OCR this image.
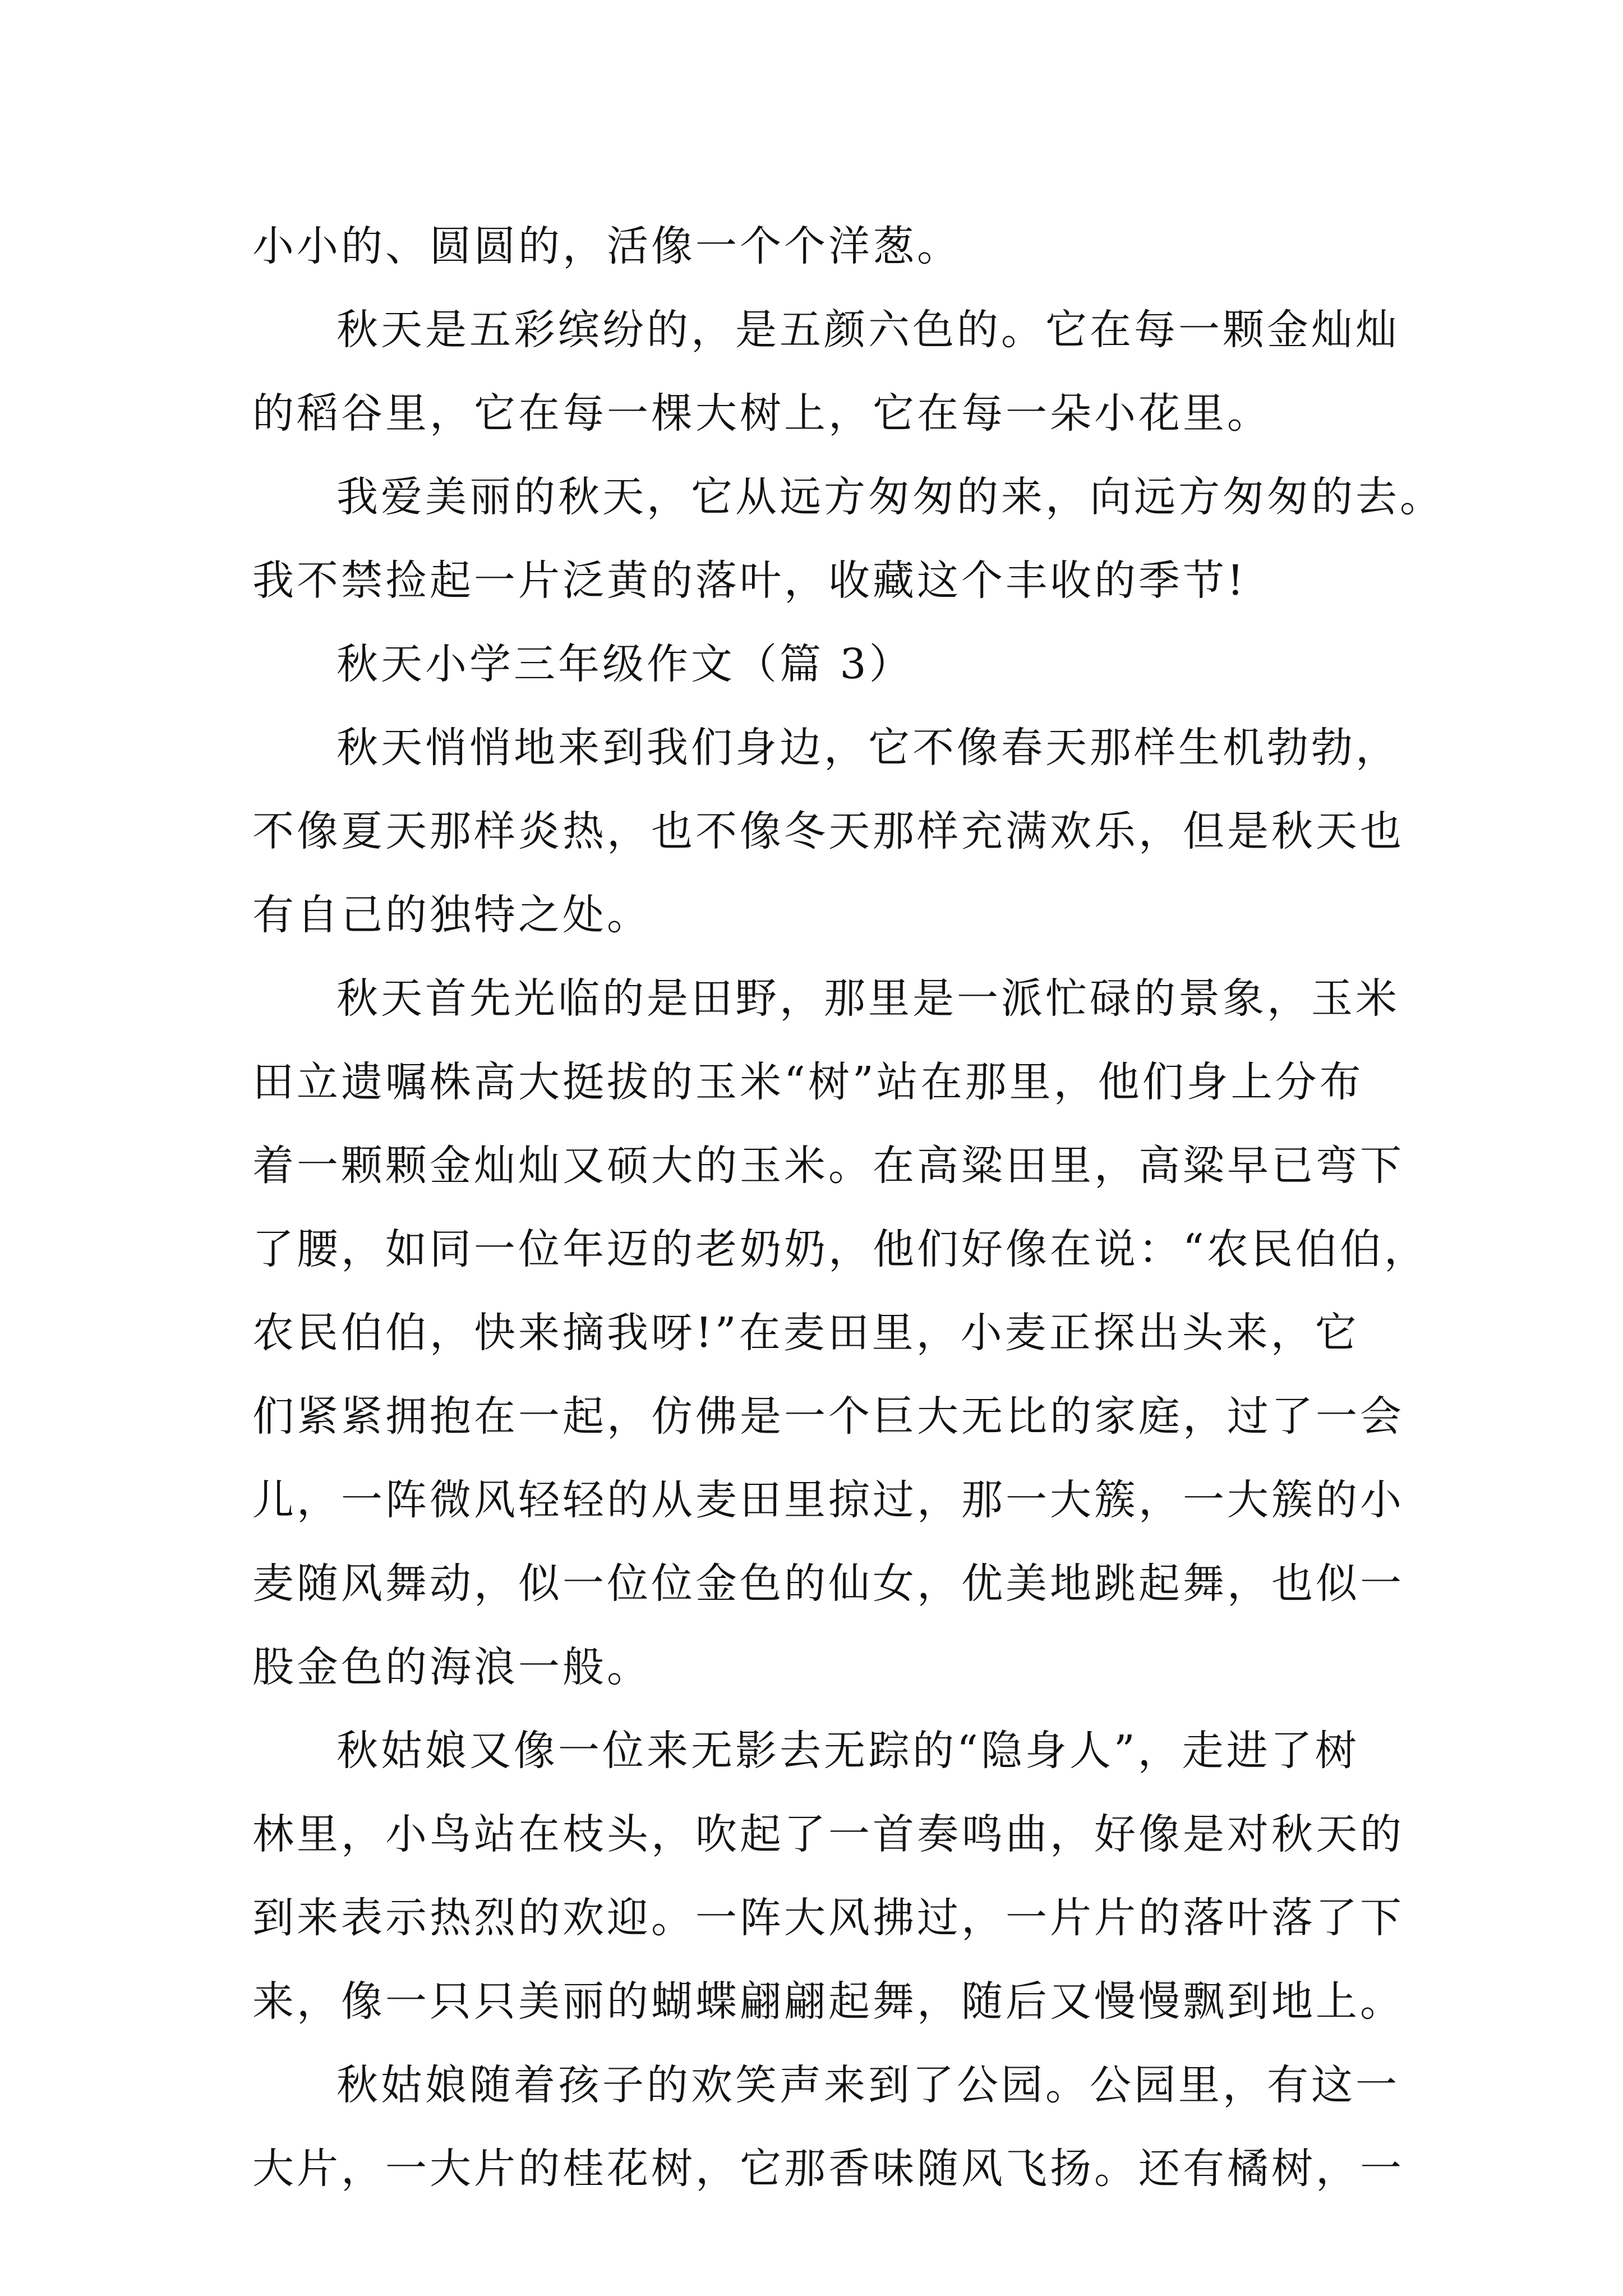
小小的、圆圆的，活像一个个洋葱。
秋天是五彩缤纷的，是五颜六色的。它在每一颗金灿灿
的稻谷里，它在每一棵大树上，它在每一朵小花里。
我爱美丽的秋天，它从远方匆匆的来，向远方匆匆的去。
我不禁捡起一片泛黄的落叶，收藏这个丰收的季节!
秋天小学三年级作文（篇 3）
秋天悄悄地来到我们身边，它不像春天那样生机勃勃，
不像夏天那样炎热，也不像冬天那样充满欢乐，但是秋天也
有自己的独特之处。
秋天首先光临的是田野，那里是一派忙碌的景象，玉米
田立遗嘱株高大挺拔的玉米“树”站在那里，他们身上分布
着一颗颗金灿灿又硕大的玉米。在高粱田里，高粱早已弯下
了腰，如同一位年迈的老奶奶，他们好像在说：“农民伯伯，
农民伯伯，快来摘我呀!”在麦田里，小麦正探出头来，它
们紧紧拥抱在一起，仿佛是一个巨大无比的家庭，过了一会
儿，一阵微风轻轻的从麦田里掠过，那一大簇，一大簇的小
麦随风舞动，似一位位金色的仙女，优美地跳起舞，也似一
股金色的海浪一般。
秋姑娘又像一位来无影去无踪的“隐身人”，走进了树
林里，小鸟站在枝头，吹起了一首奏鸣曲，好像是对秋天的
到来表示热烈的欢迎。一阵大风拂过，一片片的落叶落了下
来，像一只只美丽的蝴蝶翩翩起舞，随后又慢慢飘到地上。
秋姑娘随着孩子的欢笑声来到了公园。公园里，有这一
大片，一大片的桂花树，它那香味随风飞扬。还有橘树，一
